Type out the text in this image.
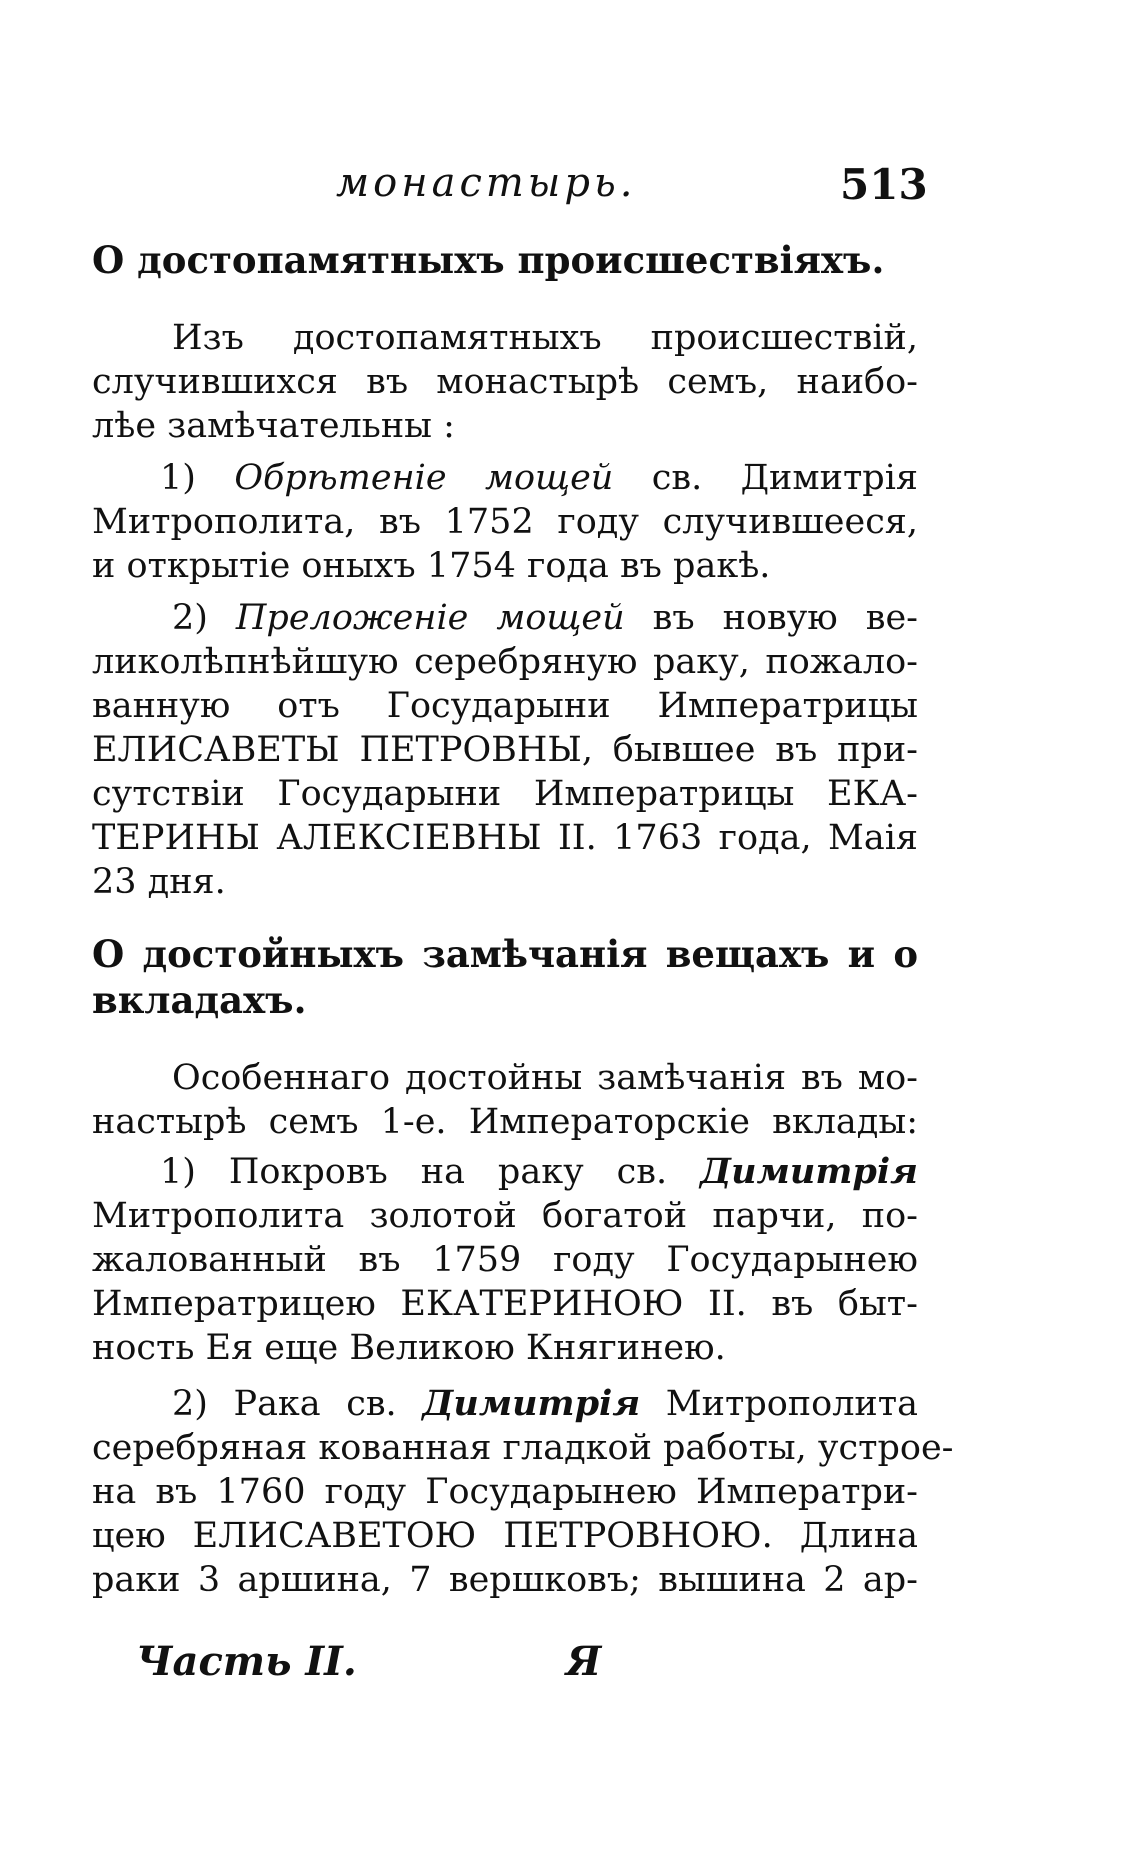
монастырь.	513
О достопамятныхъ происшествіяхъ.
Изъ достопамятныхъ происшествій,
случившихся въ монастырѣ семъ, наибо-
лѣе замѣчательны :
1) Обрѣтеніе мощей св. Димитрія
Митрополита, въ 1752 году случившееся,
и открытіе оныхъ 1754 года въ ракѣ.
2) Преложеніе мощей въ новую ве-
ликолѣпнѣйшую серебряную раку, пожало-
ванную отъ Государыни Императрицы
ЕЛИСАВЕТЫ ПЕТРОВНЫ, бывшее въ при-
сутствіи Государыни Императрицы ЕКА-
ТЕРИНЫ АЛЕКСІЕВНЫ II. 1763 года, Маія
23 дня.
О достойныхъ замѣчанія вещахъ и о
вкладахъ.
Особеннаго достойны замѣчанія въ мо-
настырѣ семъ 1-е. Императорскіе вклады:
1) Покровъ на раку св. Димитрія
Митрополита золотой богатой парчи, по-
жалованный въ 1759 году Государынею
Императрицею ЕКАТЕРИНОЮ II. въ быт-
ность Ея еще Великою Княгинею.
2) Рака св. Димитрія Митрополита
серебряная кованная гладкой работы, устрое-
на въ 1760 году Государынею Императри-
цею ЕЛИСАВЕТОЮ ПЕТРОВНОЮ. Длина
раки 3 аршина, 7 вершковъ; вышина 2 ар-
Часть II.	Я
